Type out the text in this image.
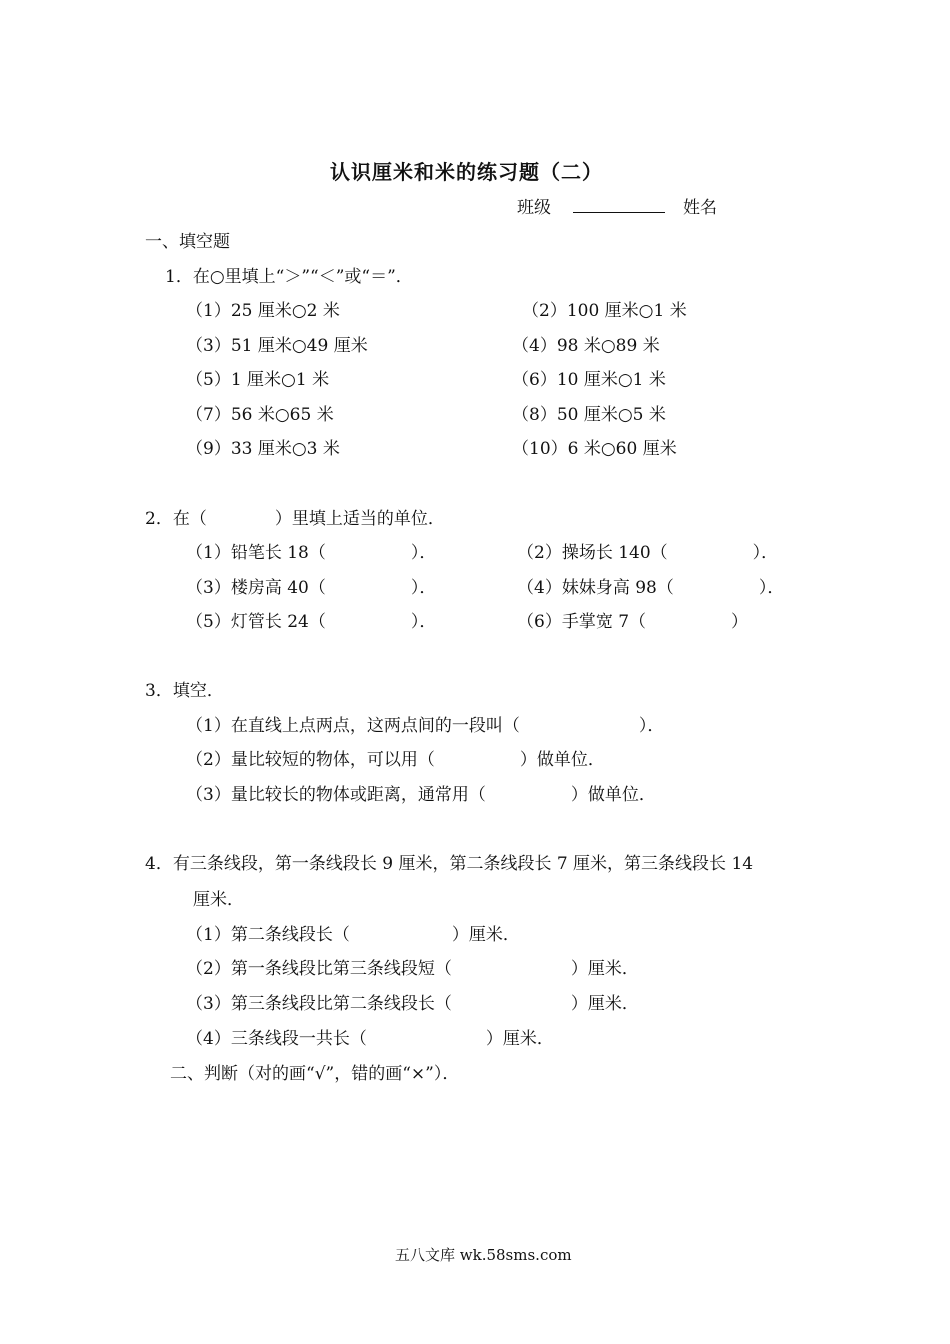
认识厘米和米的练习题（二）
班级	姓名
一、填空题
1．在○里填上“＞”“＜”或“＝”．
（1）25 厘米○2 米	（2）100 厘米○1 米
（3）51 厘米○49 厘米	（4）98 米○89 米
（5）1 厘米○1 米	（6）10 厘米○1 米
（7）56 米○65 米	（8）50 厘米○5 米
（9）33 厘米○3 米	（10）6 米○60 厘米
2．在（　　　　）里填上适当的单位．
（1）铅笔长 18（　　　　　）．	（2）操场长 140（　　　　　）．
（3）楼房高 40（　　　　　）．	（4）妹妹身高 98（　　　　　）．
（5）灯管长 24（　　　　　）．	（6）手掌宽 7（　　　　　）
3．填空．
（1）在直线上点两点，这两点间的一段叫（　　　　　　　）．
（2）量比较短的物体，可以用（　　　　　）做单位．
（3）量比较长的物体或距离，通常用（　　　　　）做单位．
4．有三条线段，第一条线段长 9 厘米，第二条线段长 7 厘米，第三条线段长 14
厘米．
（1）第二条线段长（　　　　　　）厘米．
（2）第一条线段比第三条线段短（　　　　　　　）厘米．
（3）第三条线段比第二条线段长（　　　　　　　）厘米．
（4）三条线段一共长（　　　　　　　）厘米．
二、判断（对的画“√”，错的画“×”）．
五八文库 wk.58sms.com
